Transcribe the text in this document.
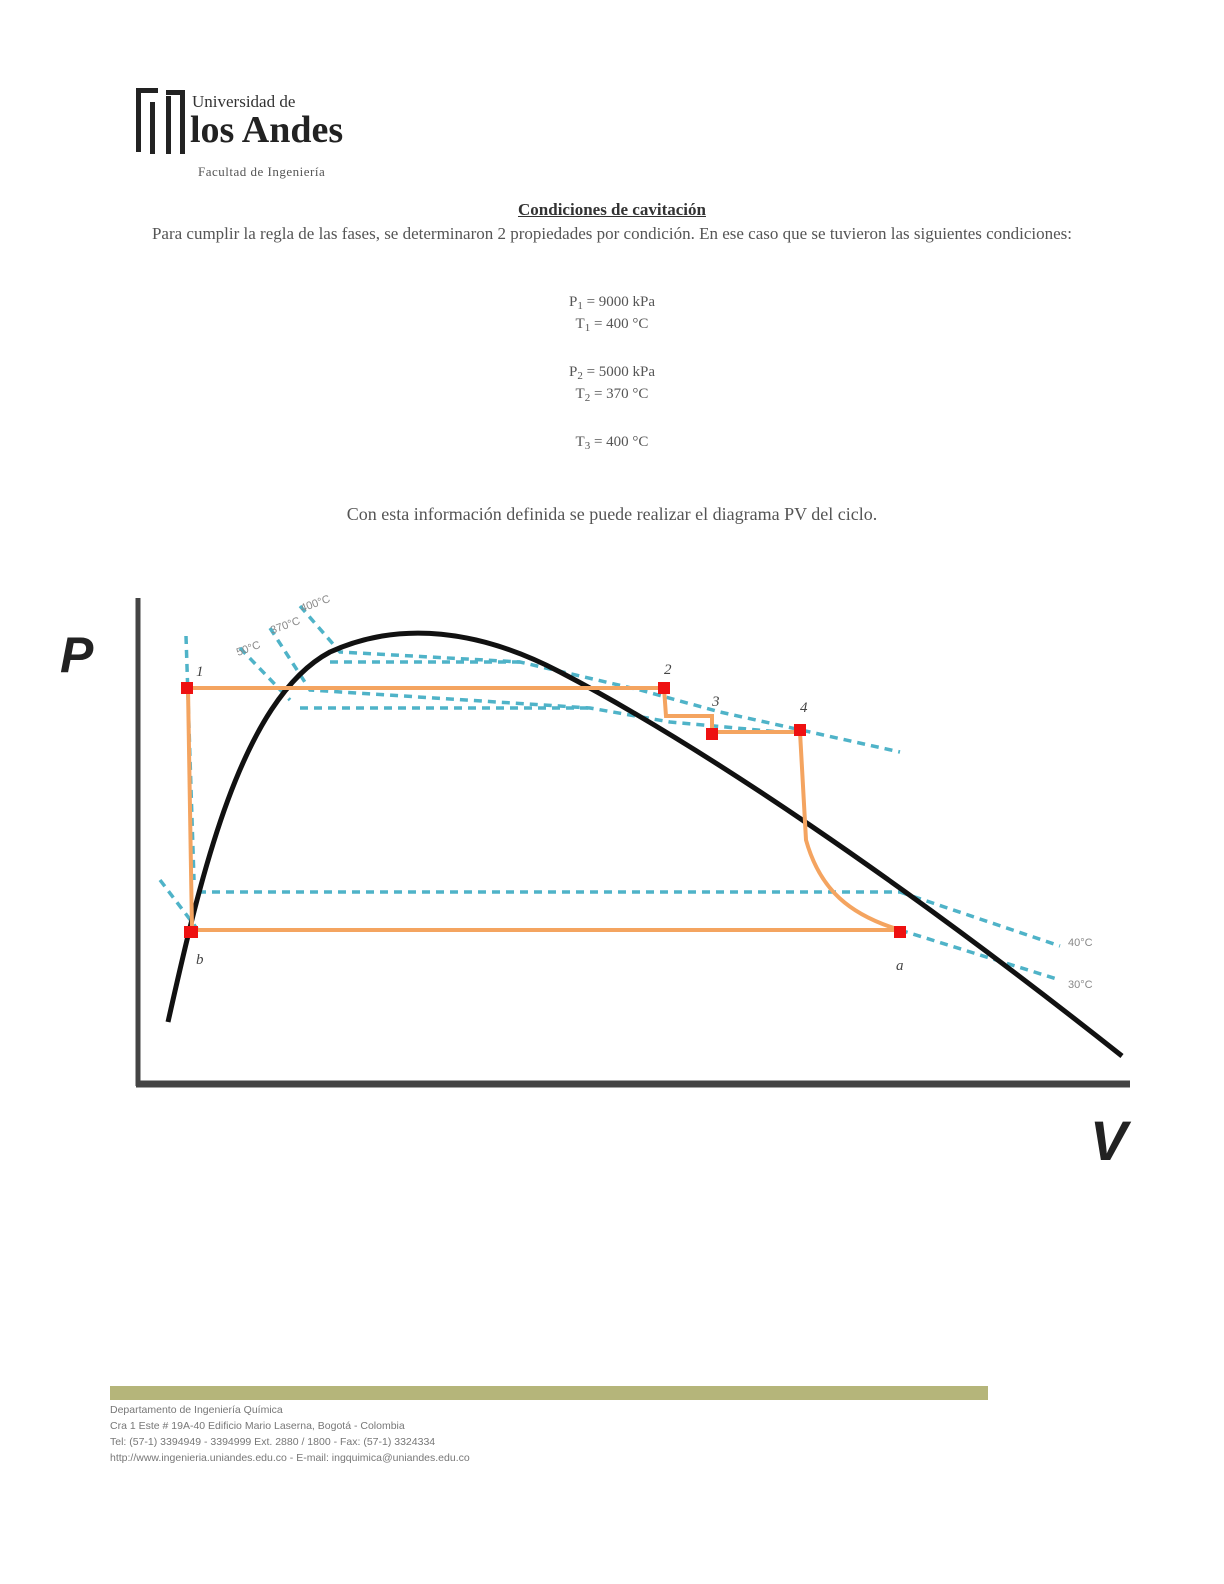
Universidad de
los Andes
Facultad de Ingeniería
Condiciones de cavitación
Para cumplir la regla de las fases, se determinaron 2 propiedades por condición. En ese caso que se tuvieron las siguientes condiciones:
$P_1 = 9000$ kPa
$T_1 = 400$ °C
$P_2 = 5000$ kPa
$T_2 = 370$ °C
$T_3 = 400$ °C
Con esta información definida se puede realizar el diagrama PV del ciclo.
P
V
1	2
3	4
a
b
400°C
370°C
50°C
40°C
30°C
Departamento de Ingeniería Química
Cra 1 Este # 19A-40 Edificio Mario Laserna, Bogotá - Colombia
Tel: (57-1) 3394949 - 3394999 Ext. 2880 / 1800 - Fax: (57-1) 3324334
http://www.ingenieria.uniandes.edu.co - E-mail: ingquimica@uniandes.edu.co
